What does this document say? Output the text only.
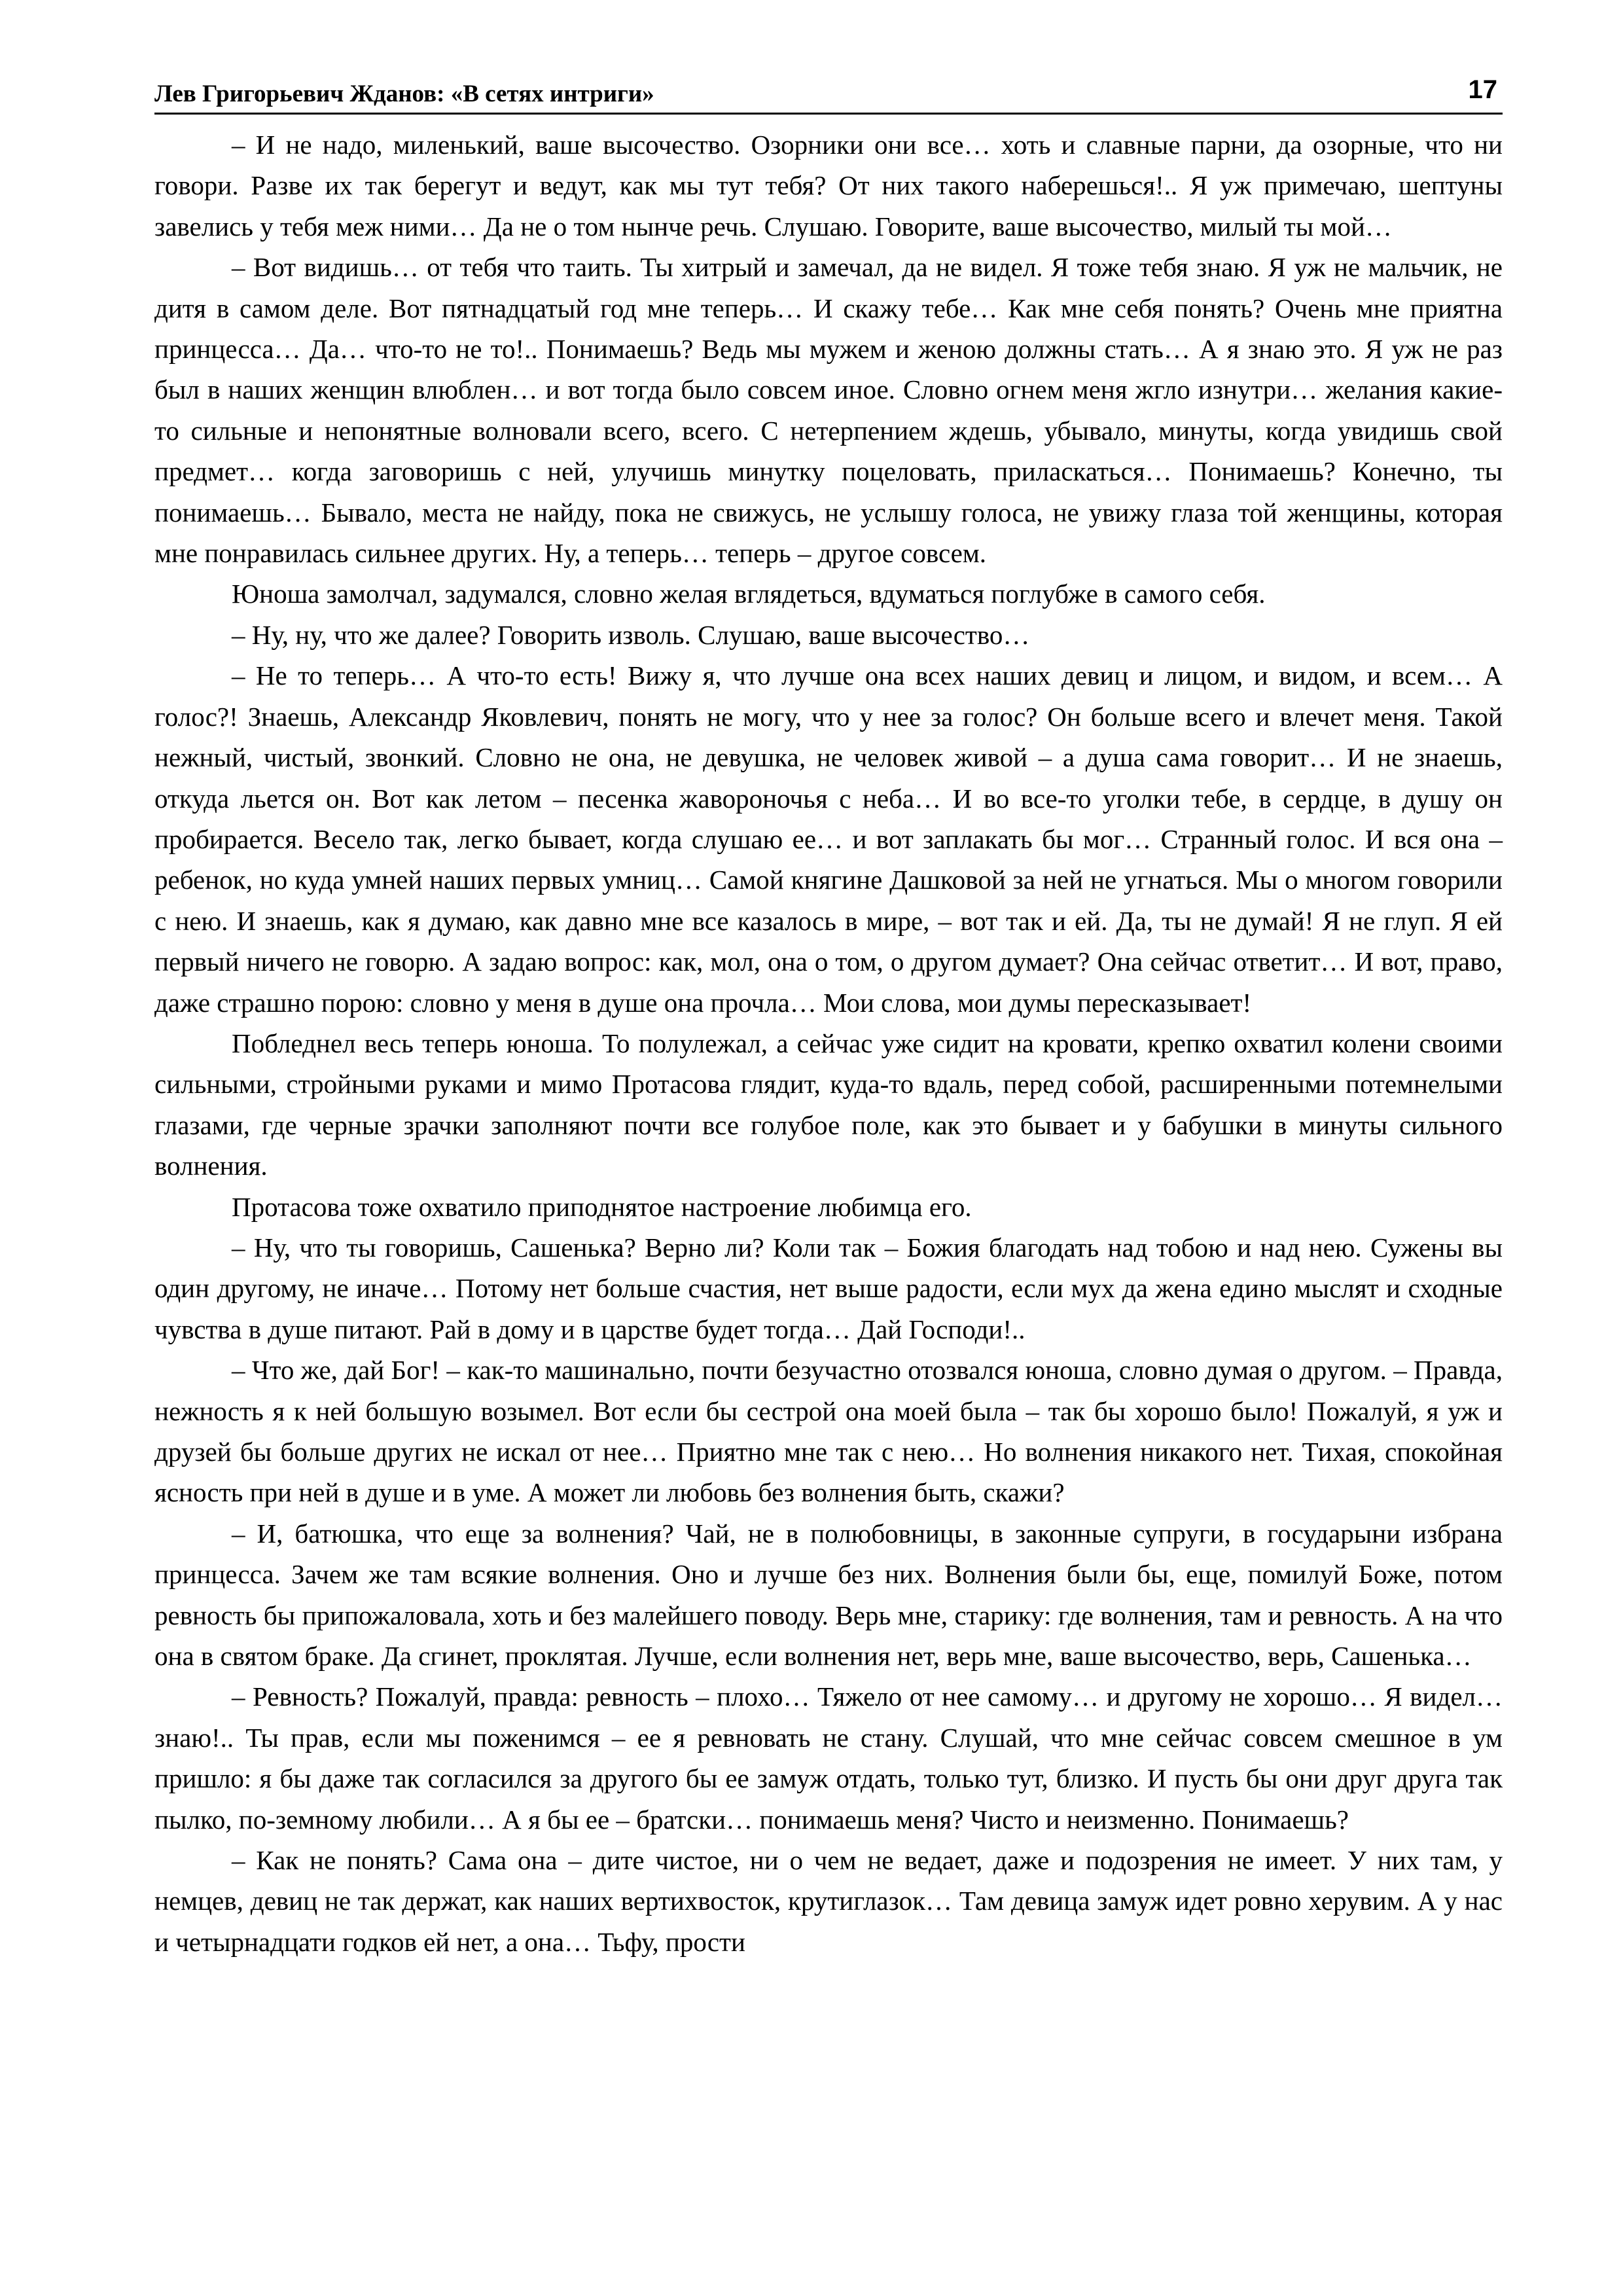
Лев Григорьевич Жданов: «В сетях интриги»	17

– И не надо, миленький, ваше высочество. Озорники они все… хоть и славные парни, да озорные, что ни говори. Разве их так берегут и ведут, как мы тут тебя? От них такого наберешься!.. Я уж примечаю, шептуны завелись у тебя меж ними… Да не о том нынче речь. Слушаю. Говорите, ваше высочество, милый ты мой…

– Вот видишь… от тебя что таить. Ты хитрый и замечал, да не видел. Я тоже тебя знаю. Я уж не мальчик, не дитя в самом деле. Вот пятнадцатый год мне теперь… И скажу тебе… Как мне себя понять? Очень мне приятна принцесса… Да… что-то не то!.. Понимаешь? Ведь мы мужем и женою должны стать… А я знаю это. Я уж не раз был в наших женщин влюблен… и вот тогда было совсем иное. Словно огнем меня жгло изнутри… желания какие-то сильные и непонятные волновали всего, всего. С нетерпением ждешь, убывало, минуты, когда увидишь свой предмет… когда заговоришь с ней, улучишь минутку поцеловать, приласкаться… Понимаешь? Конечно, ты понимаешь… Бывало, места не найду, пока не свижусь, не услышу голоса, не увижу глаза той женщины, которая мне понравилась сильнее других. Ну, а теперь… теперь – другое совсем.

Юноша замолчал, задумался, словно желая вглядеться, вдуматься поглубже в самого себя.

– Ну, ну, что же далее? Говорить изволь. Слушаю, ваше высочество…

– Не то теперь… А что-то есть! Вижу я, что лучше она всех наших девиц и лицом, и видом, и всем… А голос?! Знаешь, Александр Яковлевич, понять не могу, что у нее за голос? Он больше всего и влечет меня. Такой нежный, чистый, звонкий. Словно не она, не девушка, не человек живой – а душа сама говорит… И не знаешь, откуда льется он. Вот как летом – песенка жавороночья с неба… И во все-то уголки тебе, в сердце, в душу он пробирается. Весело так, легко бывает, когда слушаю ее… и вот заплакать бы мог… Странный голос. И вся она – ребенок, но куда умней наших первых умниц… Самой княгине Дашковой за ней не угнаться. Мы о многом говорили с нею. И знаешь, как я думаю, как давно мне все казалось в мире, – вот так и ей. Да, ты не думай! Я не глуп. Я ей первый ничего не говорю. А задаю вопрос: как, мол, она о том, о другом думает? Она сейчас ответит… И вот, право, даже страшно порою: словно у меня в душе она прочла… Мои слова, мои думы пересказывает!

Побледнел весь теперь юноша. То полулежал, а сейчас уже сидит на кровати, крепко охватил колени своими сильными, стройными руками и мимо Протасова глядит, куда-то вдаль, перед собой, расширенными потемнелыми глазами, где черные зрачки заполняют почти все голубое поле, как это бывает и у бабушки в минуты сильного волнения.

Протасова тоже охватило приподнятое настроение любимца его.

– Ну, что ты говоришь, Сашенька? Верно ли? Коли так – Божия благодать над тобою и над нею. Сужены вы один другому, не иначе… Потому нет больше счастия, нет выше радости, если мух да жена едино мыслят и сходные чувства в душе питают. Рай в дому и в царстве будет тогда… Дай Господи!..

– Что же, дай Бог! – как-то машинально, почти безучастно отозвался юноша, словно думая о другом. – Правда, нежность я к ней большую возымел. Вот если бы сестрой она моей была – так бы хорошо было! Пожалуй, я уж и друзей бы больше других не искал от нее… Приятно мне так с нею… Но волнения никакого нет. Тихая, спокойная ясность при ней в душе и в уме. А может ли любовь без волнения быть, скажи?

– И, батюшка, что еще за волнения? Чай, не в полюбовницы, в законные супруги, в государыни избрана принцесса. Зачем же там всякие волнения. Оно и лучше без них. Волнения были бы, еще, помилуй Боже, потом ревность бы припожаловала, хоть и без малейшего поводу. Верь мне, старику: где волнения, там и ревность. А на что она в святом браке. Да сгинет, проклятая. Лучше, если волнения нет, верь мне, ваше высочество, верь, Сашенька…

– Ревность? Пожалуй, правда: ревность – плохо… Тяжело от нее самому… и другому не хорошо… Я видел… знаю!.. Ты прав, если мы поженимся – ее я ревновать не стану. Слушай, что мне сейчас совсем смешное в ум пришло: я бы даже так согласился за другого бы ее замуж отдать, только тут, близко. И пусть бы они друг друга так пылко, по-земному любили… А я бы ее – братски… понимаешь меня? Чисто и неизменно. Понимаешь?

– Как не понять? Сама она – дите чистое, ни о чем не ведает, даже и подозрения не имеет. У них там, у немцев, девиц не так держат, как наших вертихвосток, крутиглазок… Там девица замуж идет ровно херувим. А у нас и четырнадцати годков ей нет, а она… Тьфу, прости
